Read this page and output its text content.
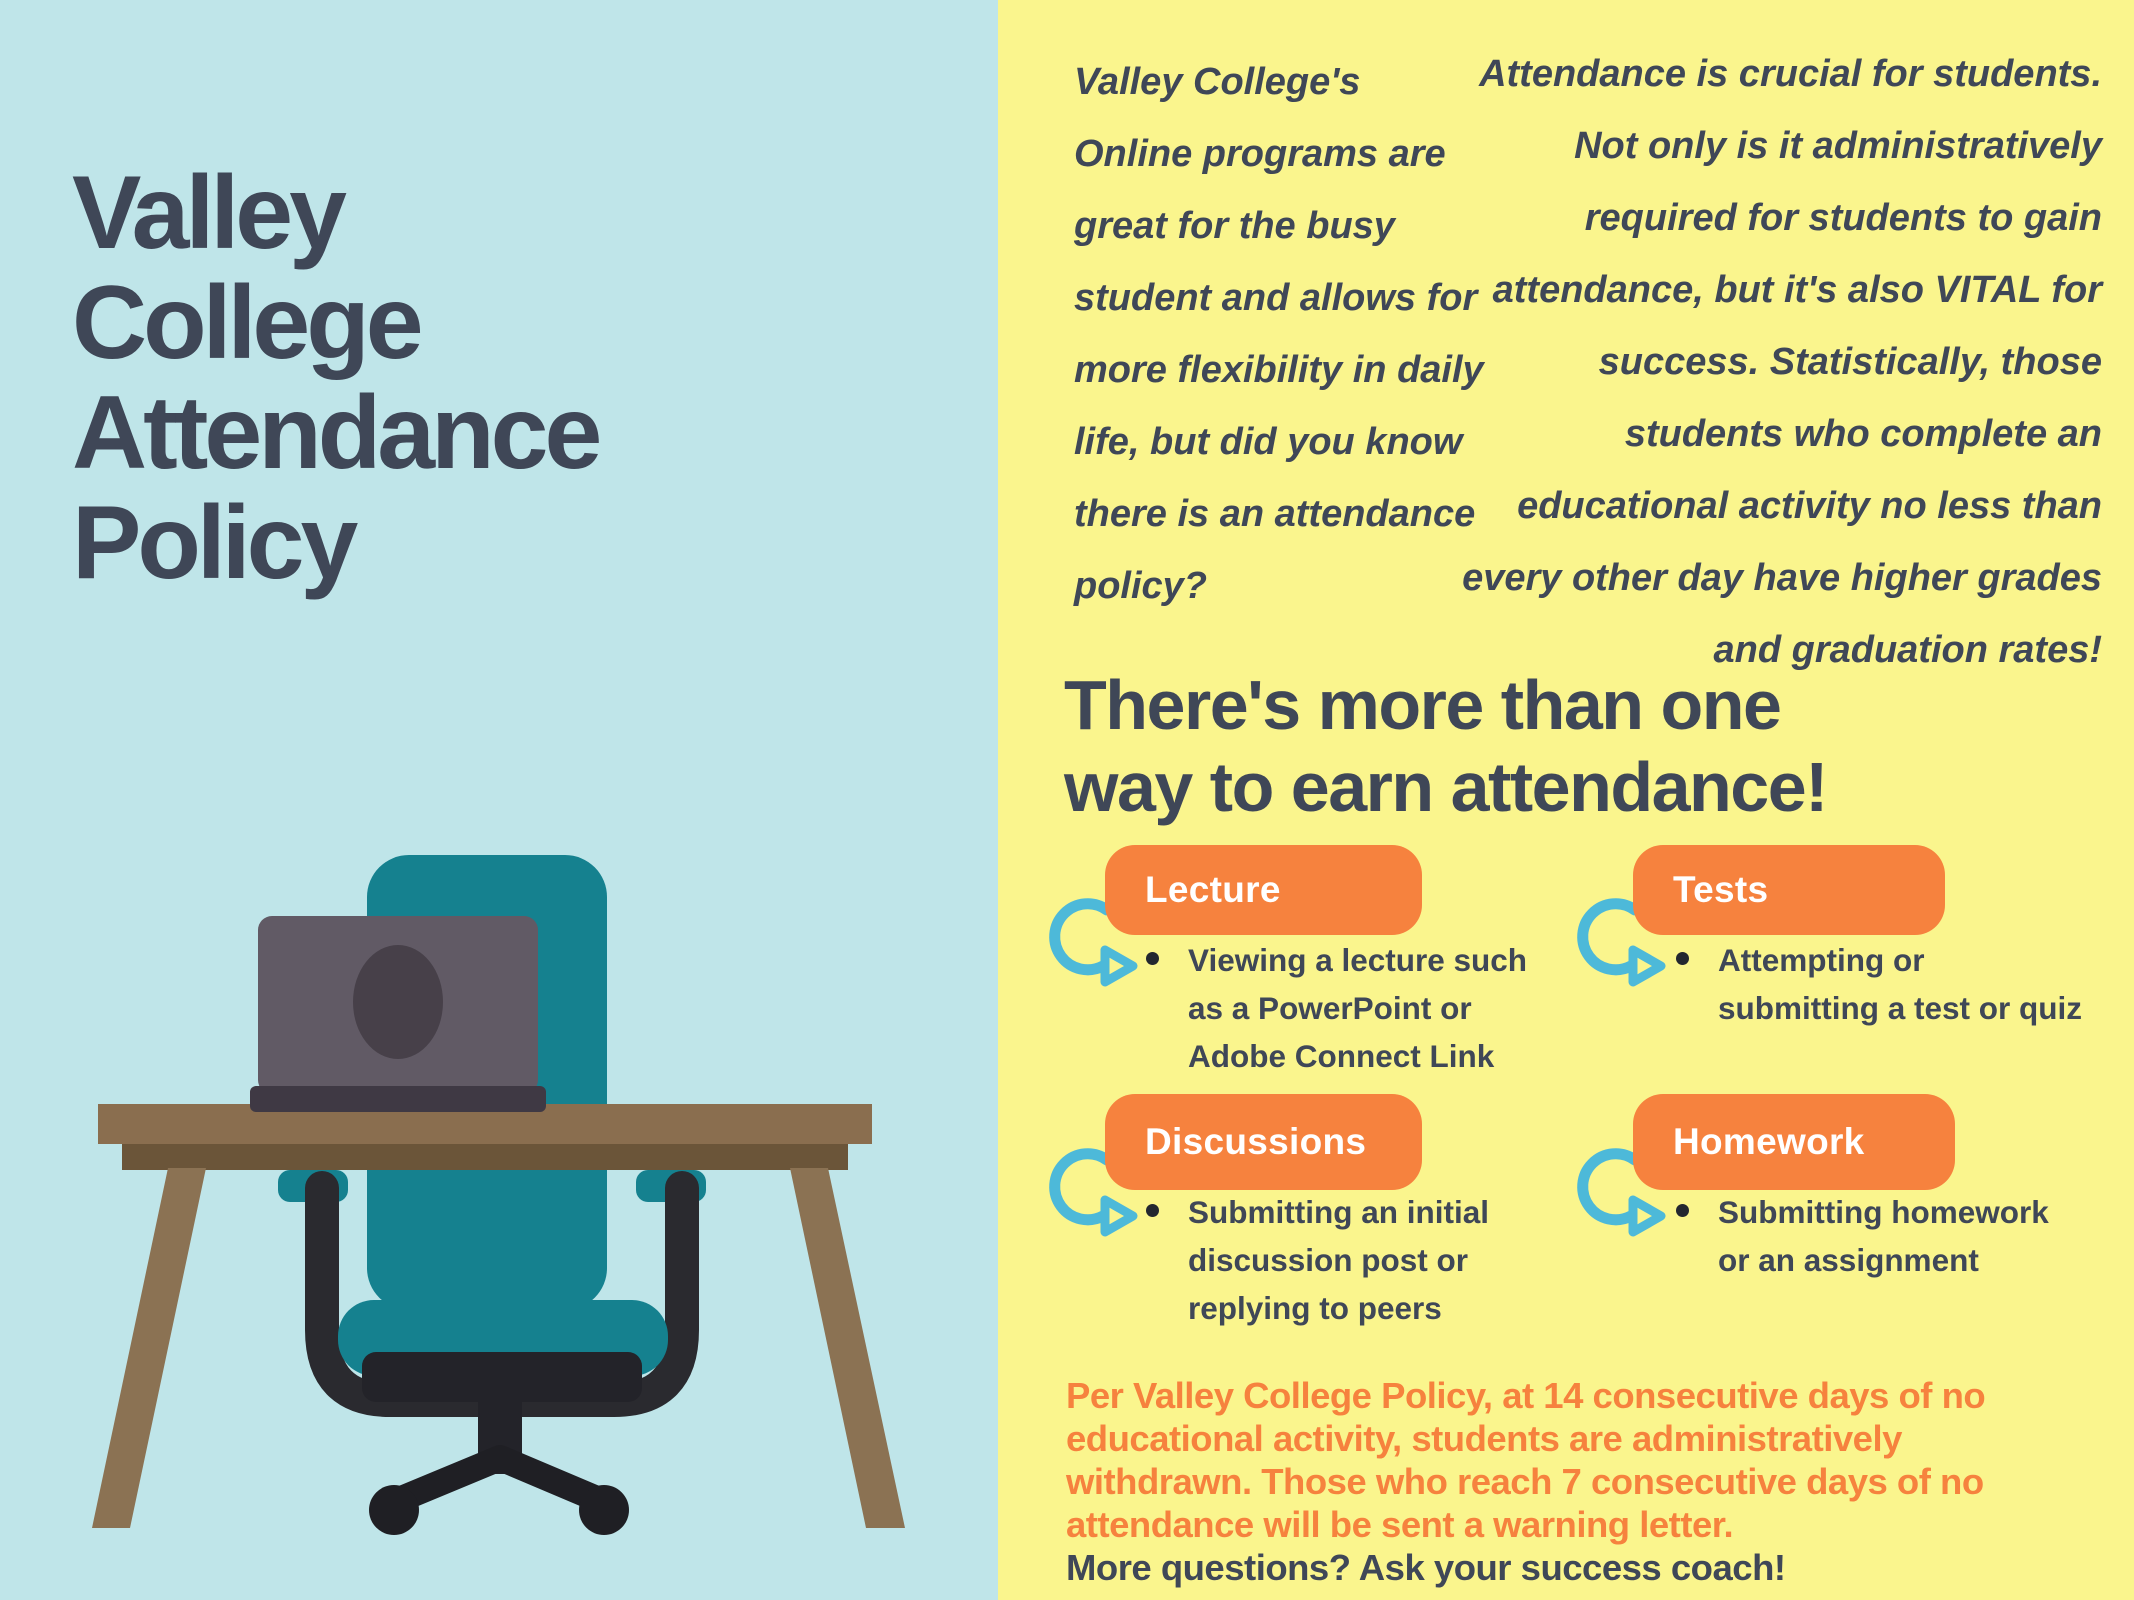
Valley
College
Attendance
Policy
Valley College's
Online programs are
great for the busy
student and allows for
more flexibility in daily
life, but did you know
there is an attendance
policy?
Attendance is crucial for students.
Not only is it administratively
required for students to gain
attendance, but it's also VITAL for
success. Statistically, those
students who complete an
educational activity no less than
every other day have higher grades
and graduation rates!
There's more than one
way to earn attendance!
Lecture
Viewing a lecture such
as a PowerPoint or
Adobe Connect Link
Tests
Attempting or
submitting a test or quiz
Discussions
Submitting an initial
discussion post or
replying to peers
Homework
Submitting homework
or an assignment
Per Valley College Policy, at 14 consecutive days of no
educational activity, students are administratively
withdrawn. Those who reach 7 consecutive days of no
attendance will be sent a warning letter.
More questions? Ask your success coach!
